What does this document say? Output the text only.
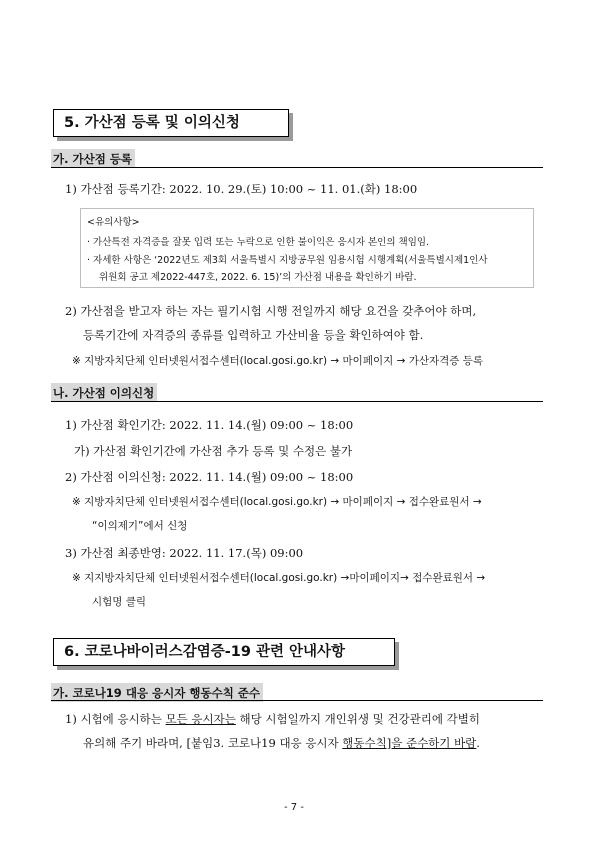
5. 가산점 등록 및 이의신청
가. 가산점 등록
1) 가산점 등록기간: 2022. 10. 29.(토) 10:00 ~ 11. 01.(화) 18:00
<유의사항>
· 가산특전 자격증을 잘못 입력 또는 누락으로 인한 불이익은 응시자 본인의 책임임.
· 자세한 사항은 ‘2022년도 제3회 서울특별시 지방공무원 임용시험 시행계획(서울특별시제1인사
위원회 공고 제2022-447호, 2022. 6. 15)’의 가산점 내용을 확인하기 바람.
2) 가산점을 받고자 하는 자는 필기시험 시행 전일까지 해당 요건을 갖추어야 하며,
등록기간에 자격증의 종류를 입력하고 가산비율 등을 확인하여야 함.
※ 지방자치단체 인터넷원서접수센터(local.gosi.go.kr) → 마이페이지 → 가산자격증 등록
나. 가산점 이의신청
1) 가산점 확인기간: 2022. 11. 14.(월) 09:00 ~ 18:00
가) 가산점 확인기간에 가산점 추가 등록 및 수정은 불가
2) 가산점 이의신청: 2022. 11. 14.(월) 09:00 ~ 18:00
※ 지방자치단체 인터넷원서접수센터(local.gosi.go.kr) → 마이페이지 → 접수완료원서 →
“이의제기”에서 신청
3) 가산점 최종반영: 2022. 11. 17.(목) 09:00
※ 지지방자치단체 인터넷원서접수센터(local.gosi.go.kr) →마이페이지→ 접수완료원서 →
시험명 클릭
6. 코로나바이러스감염증-19 관련 안내사항
가. 코로나19 대응 응시자 행동수칙 준수
1) 시험에 응시하는 모든 응시자는 해당 시험일까지 개인위생 및 건강관리에 각별히
유의해 주기 바라며, [붙임3. 코로나19 대응 응시자 행동수칙]을 준수하기 바람.
- 7 -
